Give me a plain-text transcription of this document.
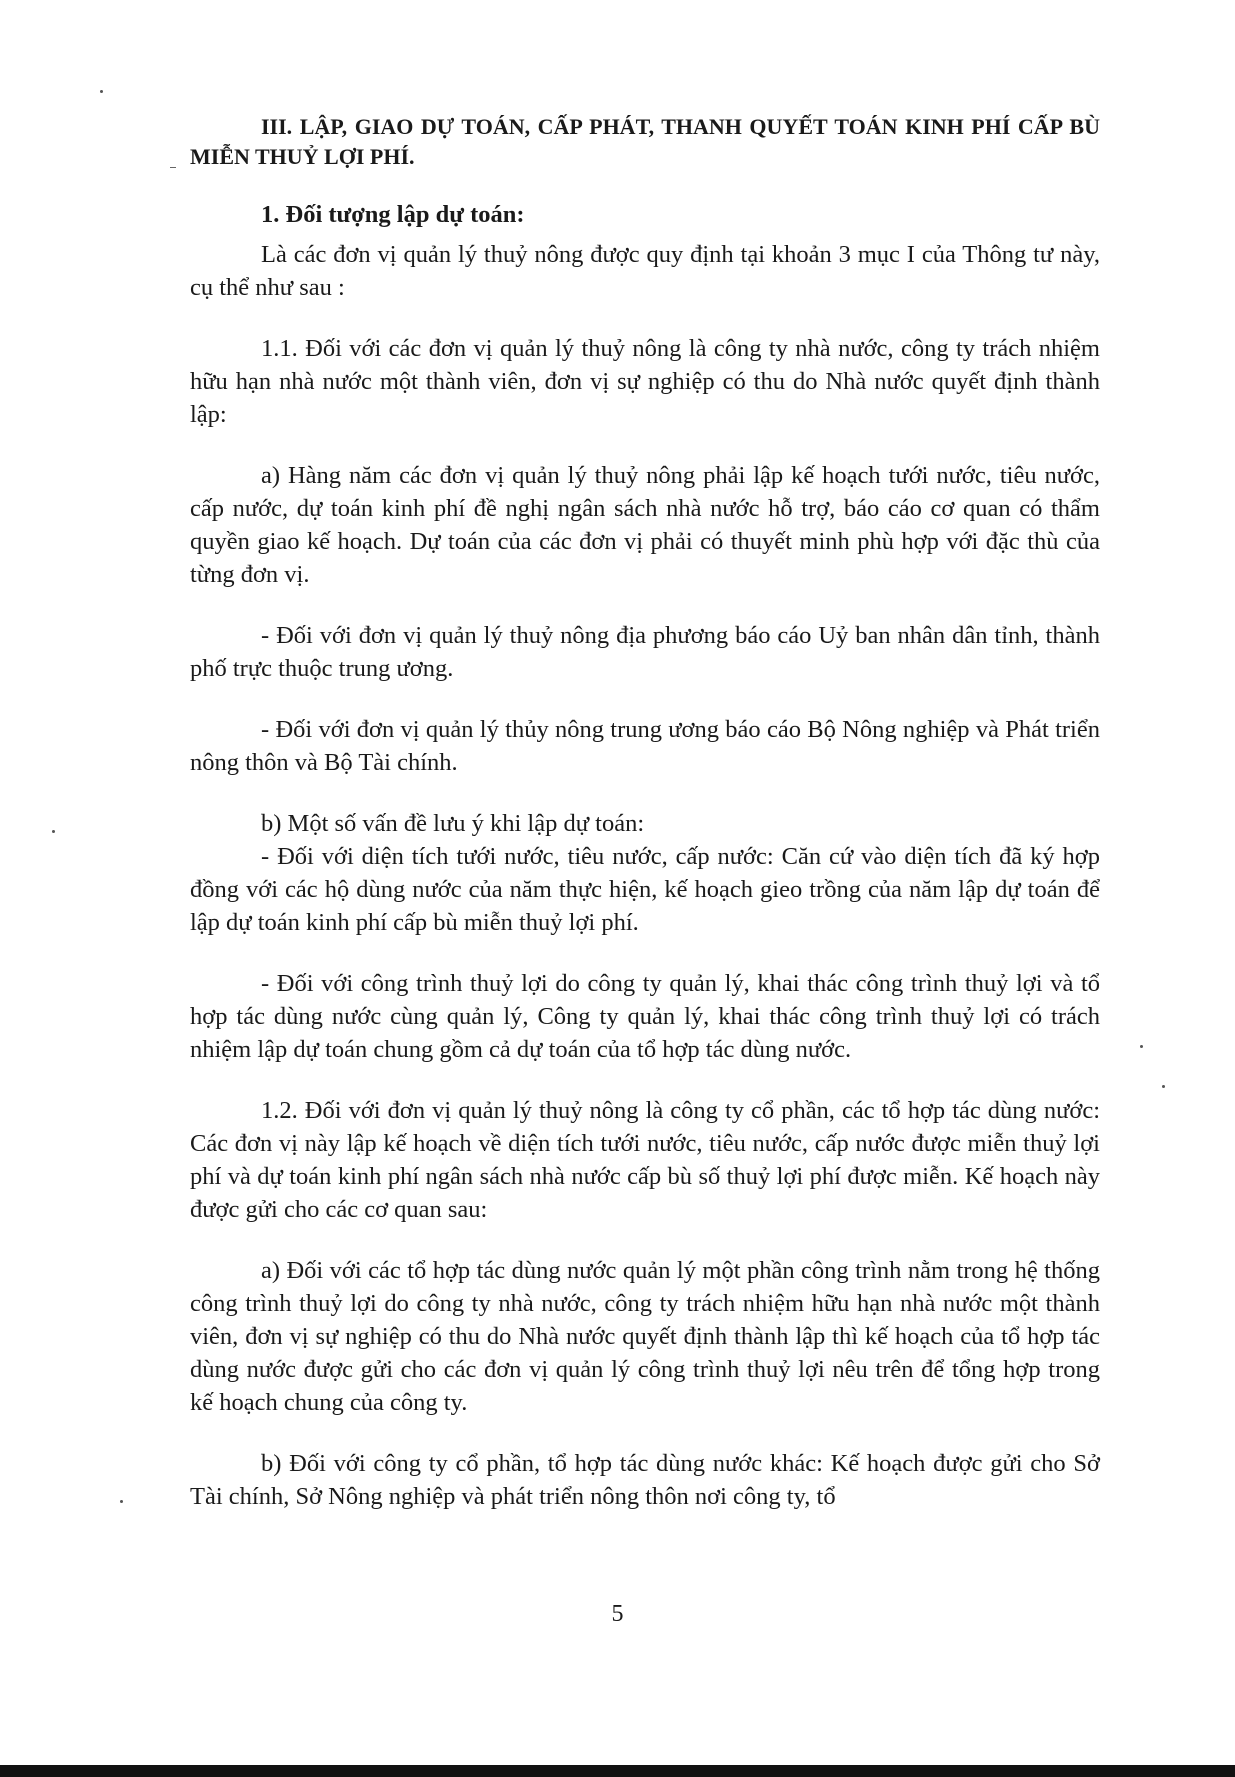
III. LẬP, GIAO DỰ TOÁN, CẤP PHÁT, THANH QUYẾT TOÁN KINH PHÍ CẤP BÙ MIỄN THUỶ LỢI PHÍ.

1. Đối tượng lập dự toán:

Là các đơn vị quản lý thuỷ nông được quy định tại khoản 3 mục I của Thông tư này, cụ thể như sau :

1.1. Đối với các đơn vị quản lý thuỷ nông là công ty nhà nước, công ty trách nhiệm hữu hạn nhà nước một thành viên, đơn vị sự nghiệp có thu do Nhà nước quyết định thành lập:

a) Hàng năm các đơn vị quản lý thuỷ nông phải lập kế hoạch tưới nước, tiêu nước, cấp nước, dự toán kinh phí đề nghị ngân sách nhà nước hỗ trợ, báo cáo cơ quan có thẩm quyền giao kế hoạch. Dự toán của các đơn vị phải có thuyết minh phù hợp với đặc thù của từng đơn vị.

- Đối với đơn vị quản lý thuỷ nông địa phương báo cáo Uỷ ban nhân dân tỉnh, thành phố trực thuộc trung ương.

- Đối với đơn vị quản lý thủy nông trung ương báo cáo Bộ Nông nghiệp và Phát triển nông thôn và Bộ Tài chính.

b) Một số vấn đề lưu ý khi lập dự toán:

- Đối với diện tích tưới nước, tiêu nước, cấp nước: Căn cứ vào diện tích đã ký hợp đồng với các hộ dùng nước của năm thực hiện, kế hoạch gieo trồng của năm lập dự toán để lập dự toán kinh phí cấp bù miễn thuỷ lợi phí.

- Đối với công trình thuỷ lợi do công ty quản lý, khai thác công trình thuỷ lợi và tổ hợp tác dùng nước cùng quản lý, Công ty quản lý, khai thác công trình thuỷ lợi có trách nhiệm lập dự toán chung gồm cả dự toán của tổ hợp tác dùng nước.

1.2. Đối với đơn vị quản lý thuỷ nông là công ty cổ phần, các tổ hợp tác dùng nước: Các đơn vị này lập kế hoạch về diện tích tưới nước, tiêu nước, cấp nước được miễn thuỷ lợi phí và dự toán kinh phí ngân sách nhà nước cấp bù số thuỷ lợi phí được miễn. Kế hoạch này được gửi cho các cơ quan sau:

a) Đối với các tổ hợp tác dùng nước quản lý một phần công trình nằm trong hệ thống công trình thuỷ lợi do công ty nhà nước, công ty trách nhiệm hữu hạn nhà nước một thành viên, đơn vị sự nghiệp có thu do Nhà nước quyết định thành lập thì kế hoạch của tổ hợp tác dùng nước được gửi cho các đơn vị quản lý công trình thuỷ lợi nêu trên để tổng hợp trong kế hoạch chung của công ty.

b) Đối với công ty cổ phần, tổ hợp tác dùng nước khác: Kế hoạch được gửi cho Sở Tài chính, Sở Nông nghiệp và phát triển nông thôn nơi công ty, tổ

5
